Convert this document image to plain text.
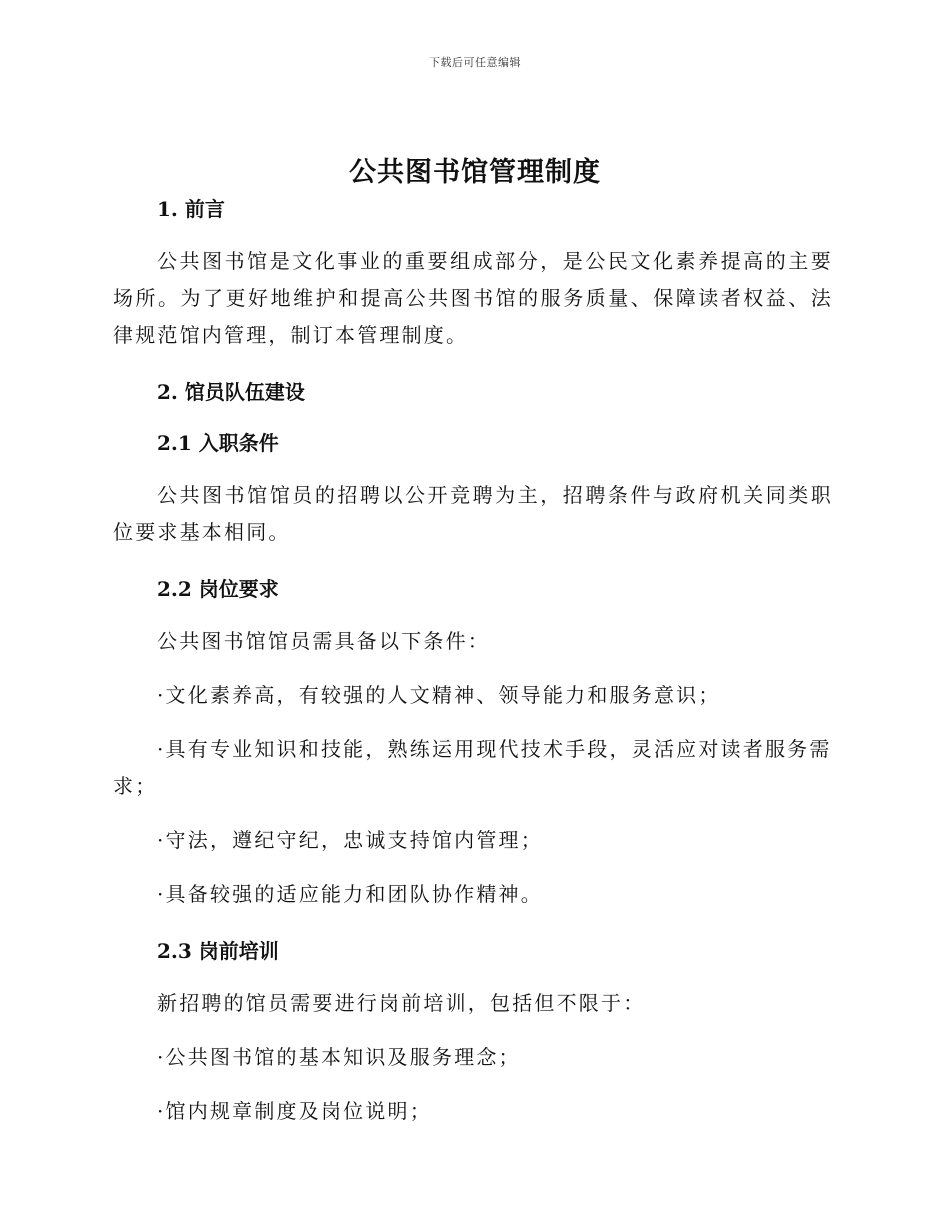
下载后可任意编辑
公共图书馆管理制度

1. 前言

公共图书馆是文化事业的重要组成部分，是公民文化素养提高的主要场所。为了更好地维护和提高公共图书馆的服务质量、保障读者权益、法律规范馆内管理，制订本管理制度。

2. 馆员队伍建设

2.1 入职条件

公共图书馆馆员的招聘以公开竞聘为主，招聘条件与政府机关同类职位要求基本相同。

2.2 岗位要求

公共图书馆馆员需具备以下条件：

·文化素养高，有较强的人文精神、领导能力和服务意识；

·具有专业知识和技能，熟练运用现代技术手段，灵活应对读者服务需求；

·守法，遵纪守纪，忠诚支持馆内管理；

·具备较强的适应能力和团队协作精神。

2.3 岗前培训

新招聘的馆员需要进行岗前培训，包括但不限于：

·公共图书馆的基本知识及服务理念；

·馆内规章制度及岗位说明；
